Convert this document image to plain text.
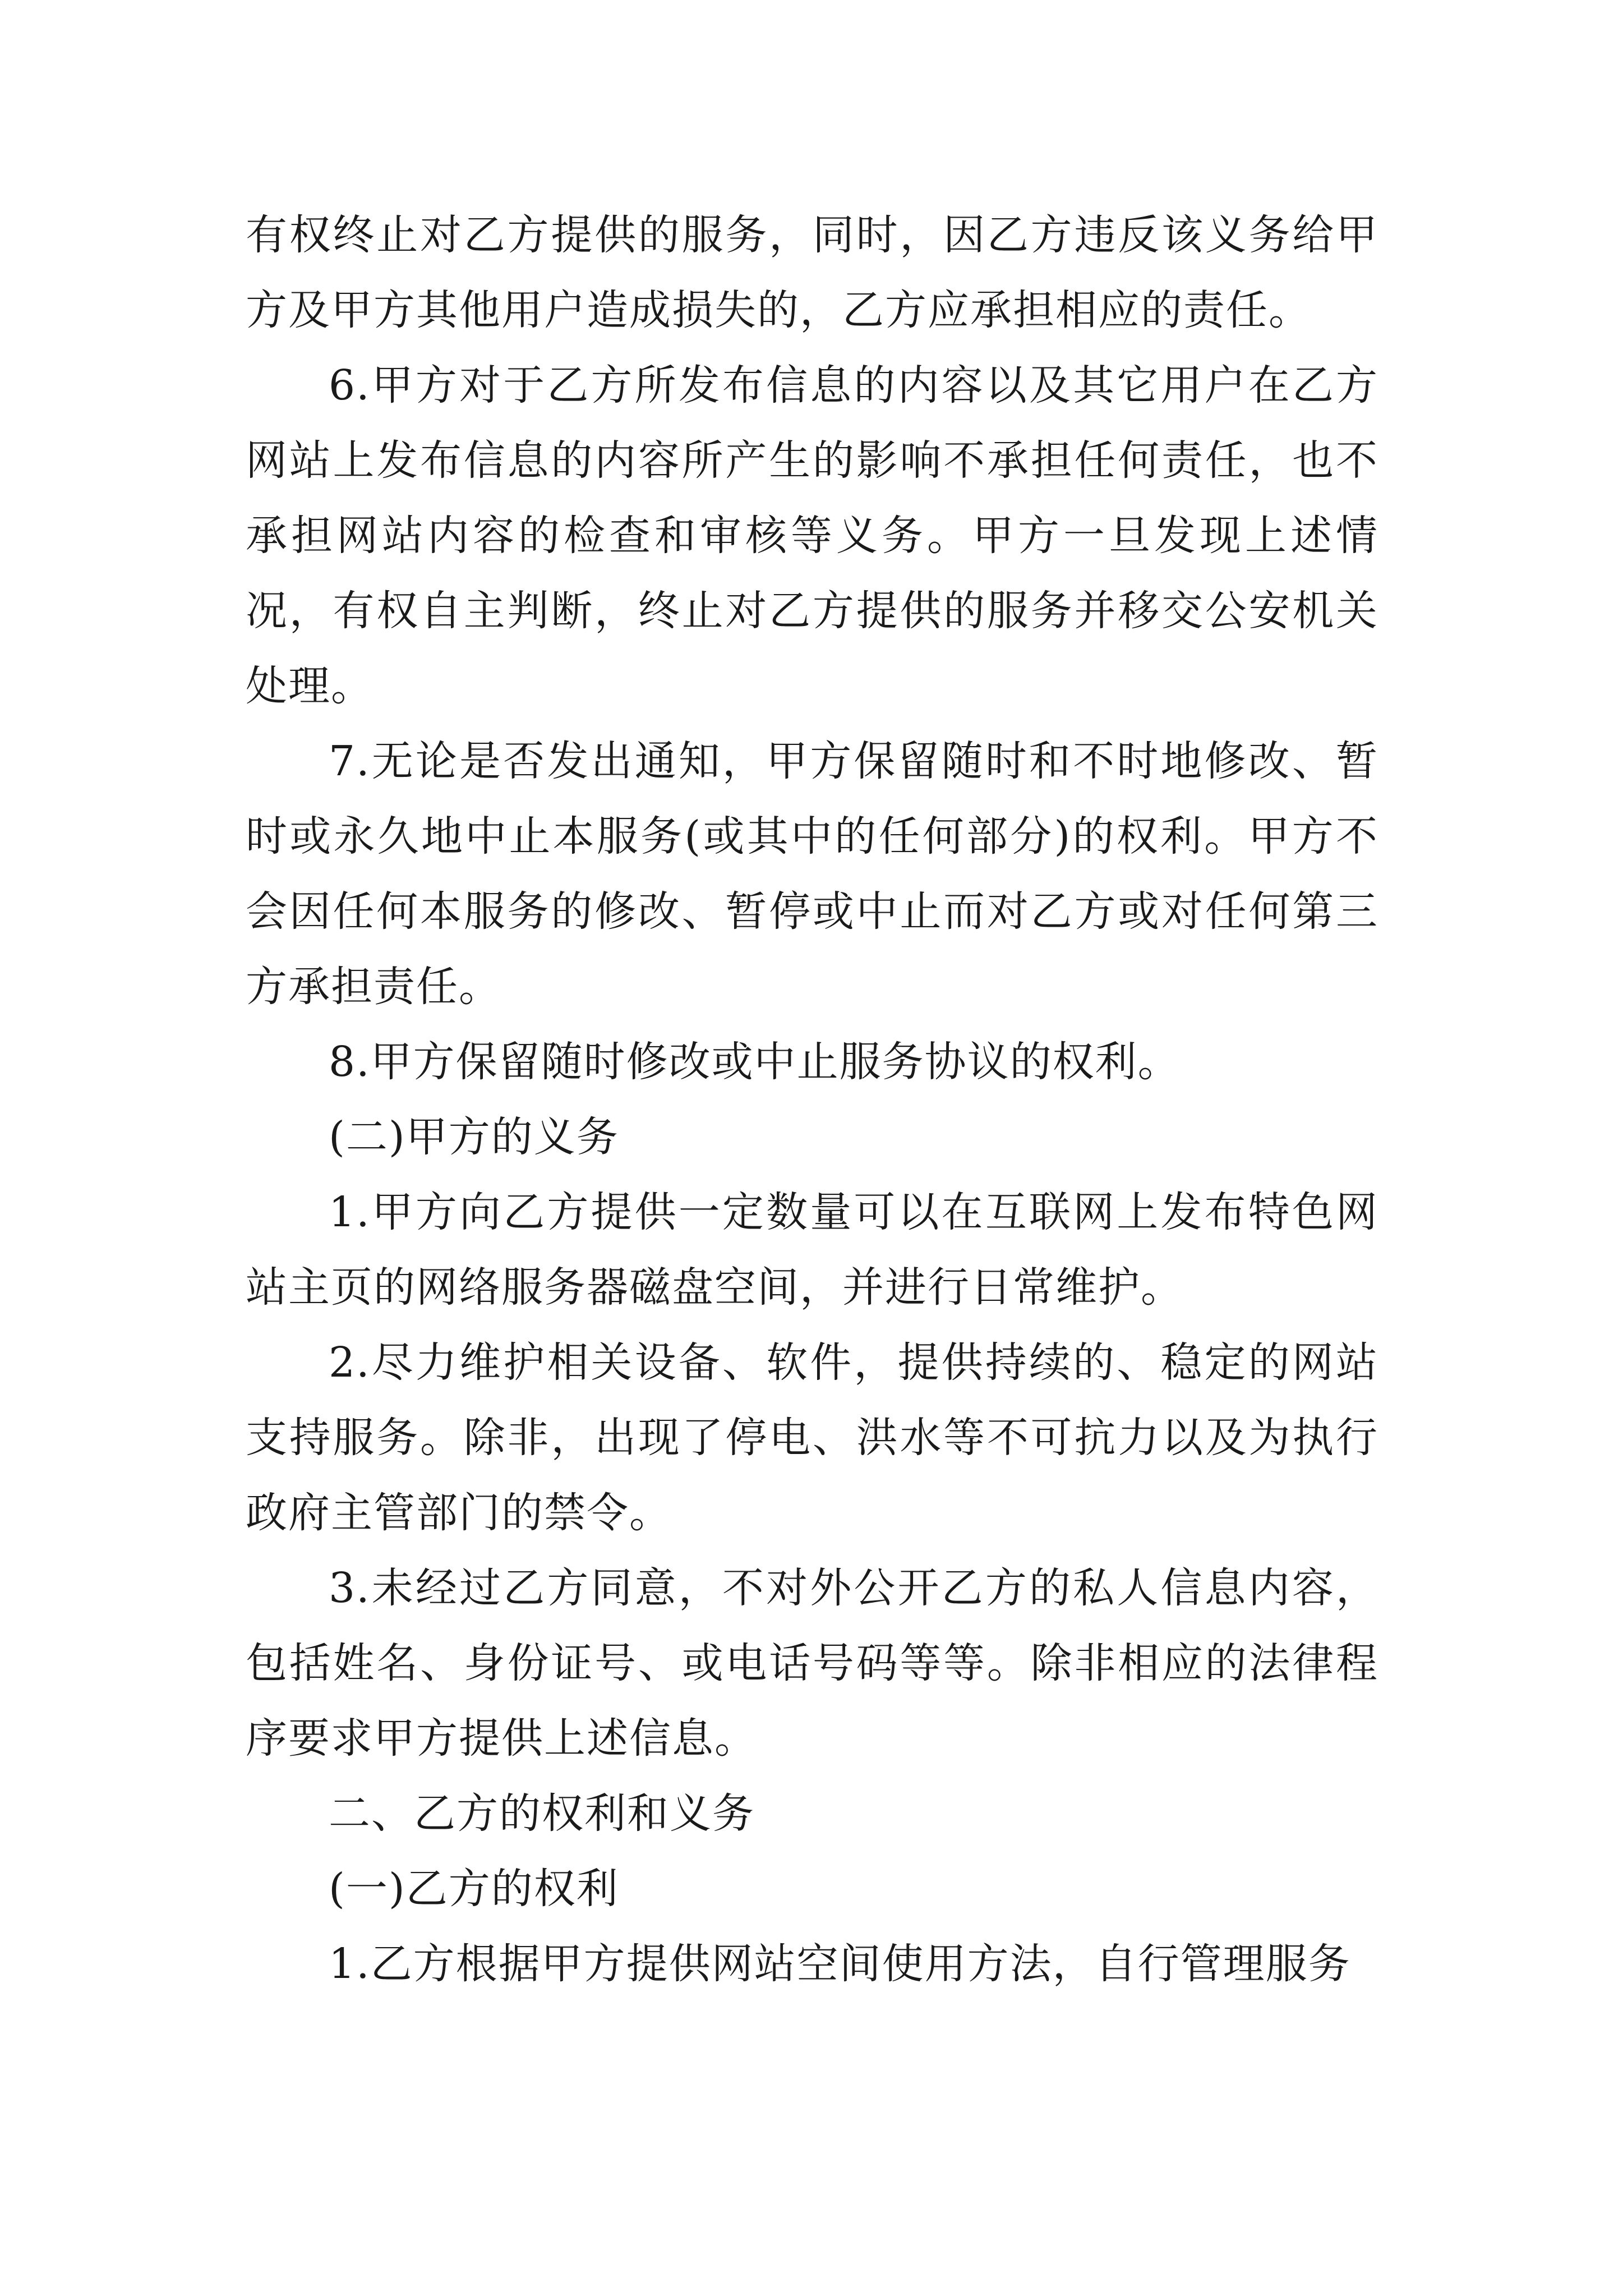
有权终止对乙方提供的服务，同时，因乙方违反该义务给甲方及甲方其他用户造成损失的，乙方应承担相应的责任。

6.甲方对于乙方所发布信息的内容以及其它用户在乙方网站上发布信息的内容所产生的影响不承担任何责任，也不承担网站内容的检查和审核等义务。甲方一旦发现上述情况，有权自主判断，终止对乙方提供的服务并移交公安机关处理。

7.无论是否发出通知，甲方保留随时和不时地修改、暂时或永久地中止本服务(或其中的任何部分)的权利。甲方不会因任何本服务的修改、暂停或中止而对乙方或对任何第三方承担责任。

8.甲方保留随时修改或中止服务协议的权利。

(二)甲方的义务

1.甲方向乙方提供一定数量可以在互联网上发布特色网站主页的网络服务器磁盘空间，并进行日常维护。

2.尽力维护相关设备、软件，提供持续的、稳定的网站支持服务。除非，出现了停电、洪水等不可抗力以及为执行政府主管部门的禁令。

3.未经过乙方同意，不对外公开乙方的私人信息内容，包括姓名、身份证号、或电话号码等等。除非相应的法律程序要求甲方提供上述信息。

二、乙方的权利和义务

(一)乙方的权利

1.乙方根据甲方提供网站空间使用方法，自行管理服务
